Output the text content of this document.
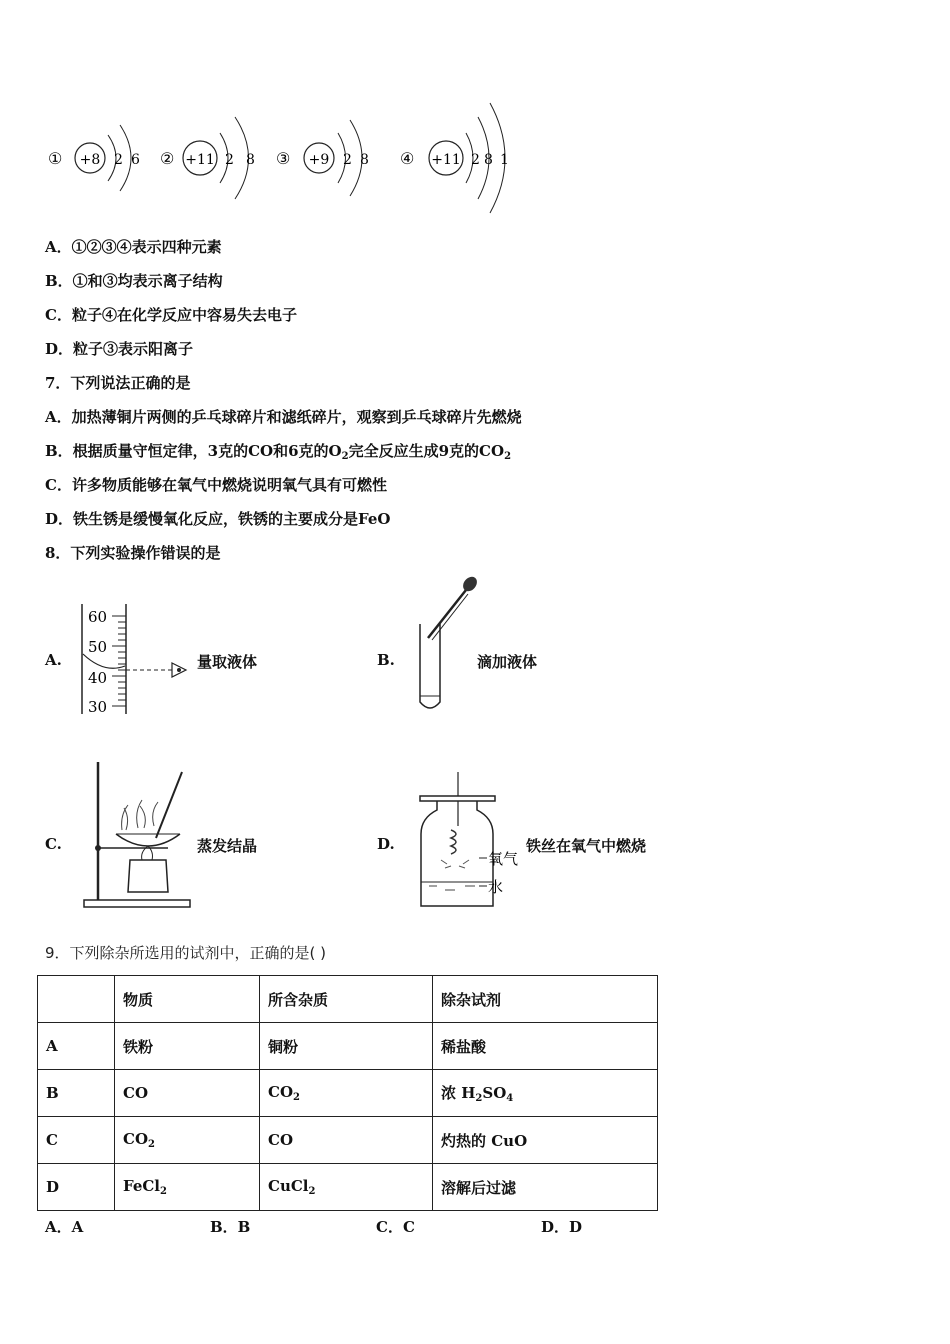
① +8 2 6 ② +11 2 8 ③ +9 2 8 ④ +11 2 8 1
A．①②③④表示四种元素
B．①和③均表示离子结构
C．粒子④在化学反应中容易失去电子
D．粒子③表示阳离子
7．下列说法正确的是
A．加热薄铜片两侧的乒乓球碎片和滤纸碎片，观察到乒乓球碎片先燃烧
B．根据质量守恒定律，3克的CO和6克的$O_2$完全反应生成9克的$CO_2$
C．许多物质能够在氧气中燃烧说明氧气具有可燃性
D．铁生锈是缓慢氧化反应，铁锈的主要成分是FeO
8．下列实验操作错误的是
A.
60
50
40
30
量取液体	B.	滴加液体
C.	蒸发结晶	D.
氧气
水
铁丝在氧气中燃烧
9．下列除杂所选用的试剂中，正确的是( )
	物质	所含杂质	除杂试剂
A	铁粉	铜粉	稀盐酸
B	CO	$CO_2$	浓 $H_2SO_4$
C	$CO_2$	CO	灼热的 CuO
D	FeCl$_2$	CuCl$_2$	溶解后过滤
A．A	B．B	C．C	D．D
